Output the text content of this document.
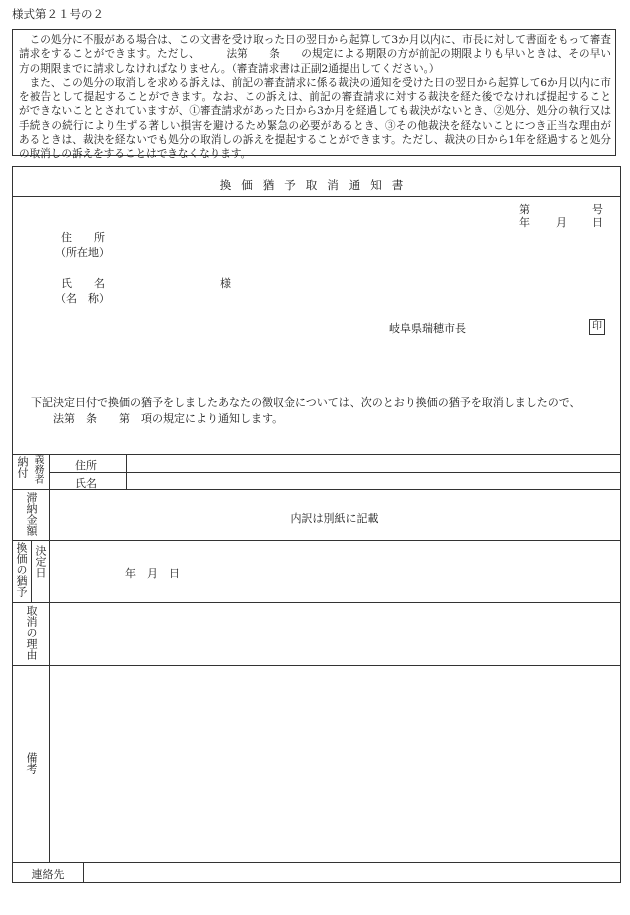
様式第２１号の２

この処分に不服がある場合は、この文書を受け取った日の翌日から起算して3か月以内に、市長に対して書面をもって審査請求をすることができます。ただし、　　　法第　　条　　の規定による期限の方が前記の期限よりも早いときは、その早い方の期限までに請求しなければなりません。（審査請求書は正副2通提出してください。）

また、この処分の取消しを求める訴えは、前記の審査請求に係る裁決の通知を受けた日の翌日から起算して6か月以内に市を被告として提起することができます。なお、この訴えは、前記の審査請求に対する裁決を経た後でなければ提起することができないこととされていますが、①審査請求があった日から3か月を経過しても裁決がないとき、②処分、処分の執行又は手続きの続行により生ずる著しい損害を避けるため緊急の必要があるとき、③その他裁決を経ないことにつき正当な理由があるときは、裁決を経ないでも処分の取消しの訴えを提起することができます。ただし、裁決の日から1年を経過すると処分の取消しの訴えをすることはできなくなります。

換価猶予取消通知書
第	号
年 月 日
住　　所
（所在地）
氏　　名
（名　称）
様
岐阜県瑞穂市長	印
下記決定日付で換価の猶予をしましたあなたの徴収金については、次のとおり換価の猶予を取消しましたので、
法第　条　　第　項の規定により通知します。
納付 義務者	住所
氏名
滞納金額	内訳は別紙に記載
換価の猶予 決定日	年　月　日
取消の理由
備考
連絡先
